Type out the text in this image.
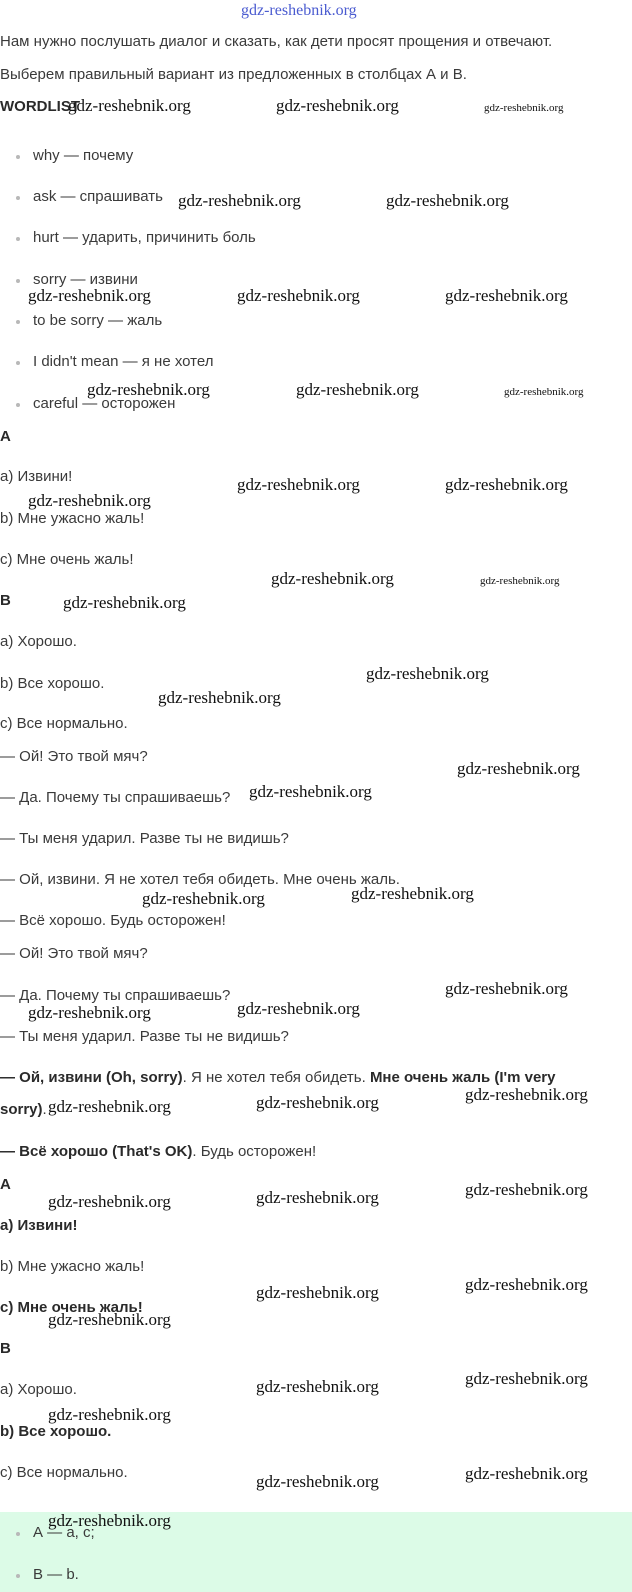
gdz-reshebnik.org
Нам нужно послушать диалог и сказать, как дети просят прощения и отвечают.
Выберем правильный вариант из предложенных в столбцах А и В.
WORDLIST
why — почему
ask — спрашивать
hurt — ударить, причинить боль
sorry — извини
to be sorry — жаль
I didn't mean — я не хотел
careful — осторожен
A
a) Извини!
b) Мне ужасно жаль!
c) Мне очень жаль!
B
a) Хорошо.
b) Все хорошо.
c) Все нормально.
— Ой! Это твой мяч?
— Да. Почему ты спрашиваешь?
— Ты меня ударил. Разве ты не видишь?
— Ой, извини. Я не хотел тебя обидеть. Мне очень жаль.
— Всё хорошо. Будь осторожен!
— Ой! Это твой мяч?
— Да. Почему ты спрашиваешь?
— Ты меня ударил. Разве ты не видишь?
— Ой, извини (Oh, sorry). Я не хотел тебя обидеть. Мне очень жаль (I'm very
sorry).
— Всё хорошо (That's OK). Будь осторожен!
A
a) Извини!
b) Мне ужасно жаль!
c) Мне очень жаль!
B
a) Хорошо.
b) Все хорошо.
c) Все нормально.
А — a, c;
В — b.
gdz-reshebnik.org	gdz-reshebnik.org	gdz-reshebnik.org
gdz-reshebnik.org	gdz-reshebnik.org
gdz-reshebnik.org	gdz-reshebnik.org	gdz-reshebnik.org
gdz-reshebnik.org	gdz-reshebnik.org	gdz-reshebnik.org
gdz-reshebnik.org	gdz-reshebnik.org
gdz-reshebnik.org
gdz-reshebnik.org	gdz-reshebnik.org
gdz-reshebnik.org
gdz-reshebnik.org
gdz-reshebnik.org
gdz-reshebnik.org
gdz-reshebnik.org
gdz-reshebnik.org	gdz-reshebnik.org
gdz-reshebnik.org
gdz-reshebnik.org
gdz-reshebnik.org
gdz-reshebnik.org
gdz-reshebnik.org
gdz-reshebnik.org
gdz-reshebnik.org
gdz-reshebnik.org
gdz-reshebnik.org
gdz-reshebnik.org
gdz-reshebnik.org
gdz-reshebnik.org
gdz-reshebnik.org
gdz-reshebnik.org
gdz-reshebnik.org
gdz-reshebnik.org
gdz-reshebnik.org
gdz-reshebnik.org
